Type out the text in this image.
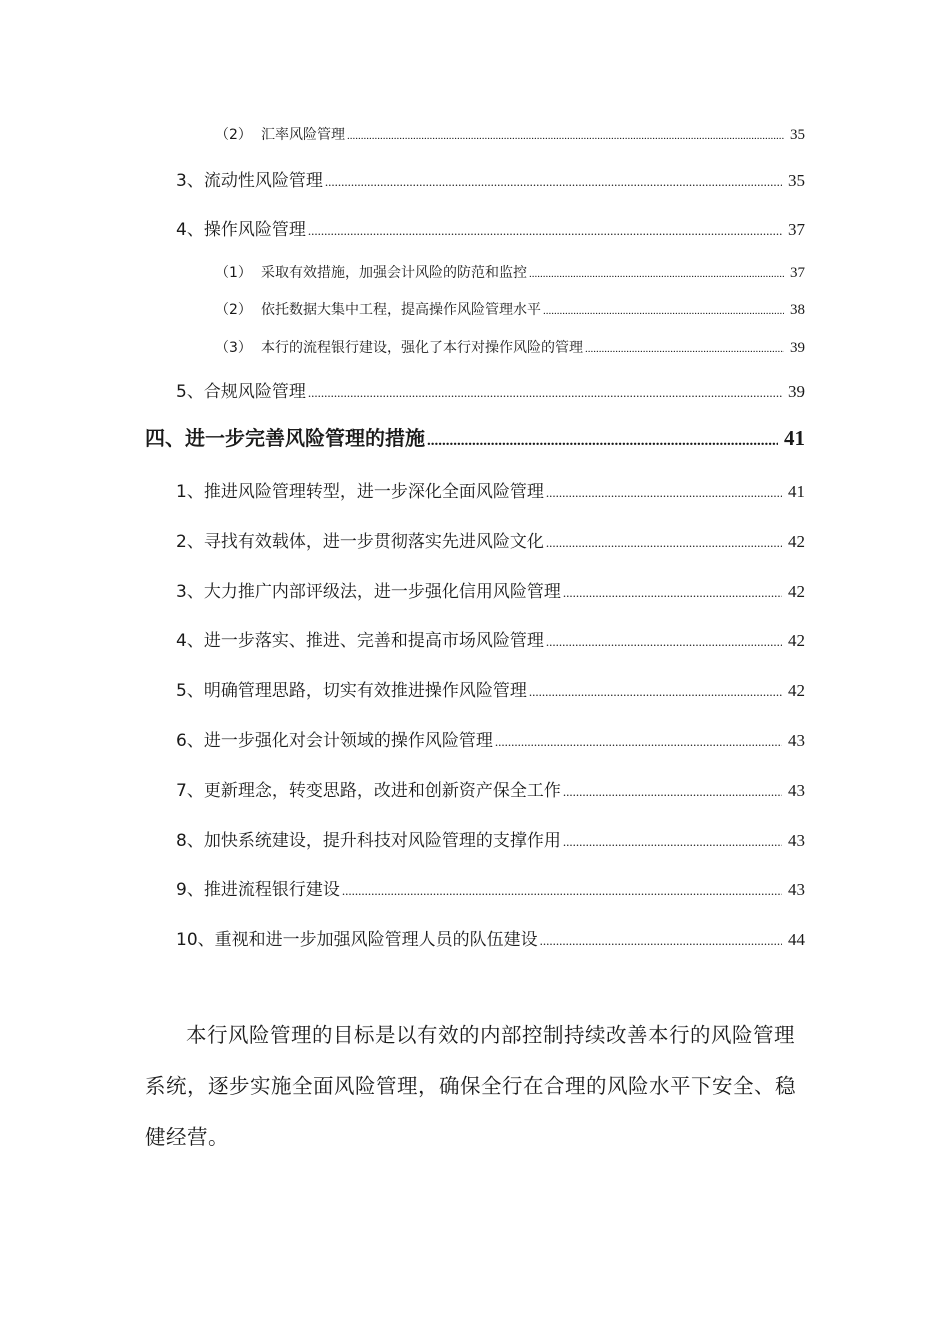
（2） 汇率风险管理 .....	35
3、 流动性风险管理 .....	35
4、 操作风险管理 .....	37
（1） 采取有效措施，加强会计风险的防范和监控 .....	37
（2） 依托数据大集中工程，提高操作风险管理水平 .....	38
（3） 本行的流程银行建设，强化了本行对操作风险的管理 .....	39
5、 合规风险管理 .....	39
四、 进一步完善风险管理的措施 .....	41
1、 推进风险管理转型，进一步深化全面风险管理 .....	41
2、 寻找有效载体，进一步贯彻落实先进风险文化 .....	42
3、 大力推广内部评级法，进一步强化信用风险管理 .....	42
4、 进一步落实、推进、完善和提高市场风险管理 .....	42
5、 明确管理思路，切实有效推进操作风险管理 .....	42
6、 进一步强化对会计领域的操作风险管理 .....	43
7、 更新理念，转变思路，改进和创新资产保全工作 .....	43
8、 加快系统建设，提升科技对风险管理的支撑作用 .....	43
9、 推进流程银行建设 .....	43
10、 重视和进一步加强风险管理人员的队伍建设 .....	44

本行风险管理的目标是以有效的内部控制持续改善本行的风险管理系统，逐步实施全面风险管理，确保全行在合理的风险水平下安全、稳健经营。
